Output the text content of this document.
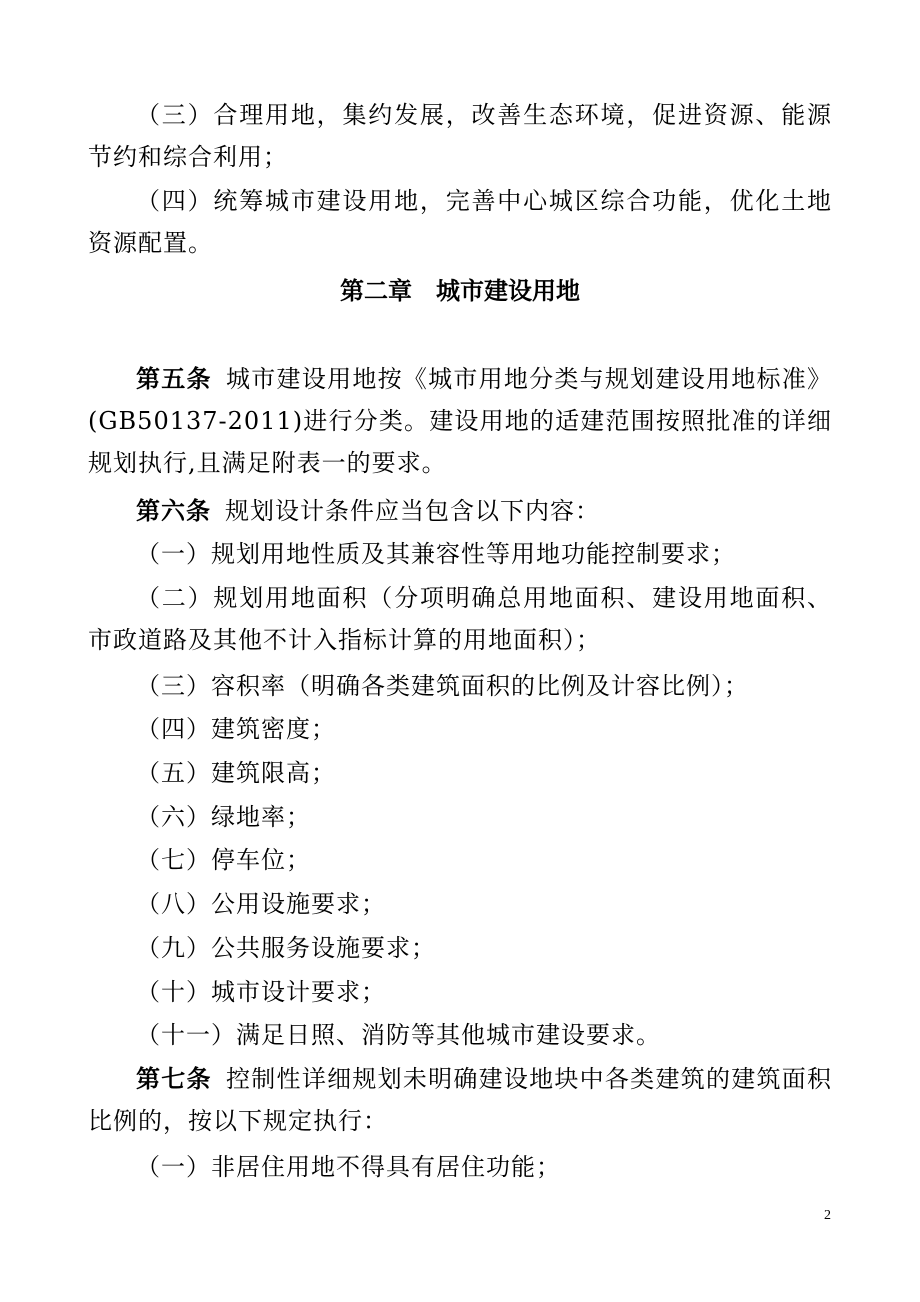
（三）合理用地，集约发展，改善生态环境，促进资源、能源节约和综合利用；

（四）统筹城市建设用地，完善中心城区综合功能，优化土地资源配置。

第二章 城市建设用地

第五条 城市建设用地按《城市用地分类与规划建设用地标准》(GB50137-2011)进行分类。建设用地的适建范围按照批准的详细规划执行,且满足附表一的要求。

第六条 规划设计条件应当包含以下内容：

（一）规划用地性质及其兼容性等用地功能控制要求；

（二）规划用地面积（分项明确总用地面积、建设用地面积、市政道路及其他不计入指标计算的用地面积）；

（三）容积率（明确各类建筑面积的比例及计容比例）；

（四）建筑密度；

（五）建筑限高；

（六）绿地率；

（七）停车位；

（八）公用设施要求；

（九）公共服务设施要求；

（十）城市设计要求；

（十一）满足日照、消防等其他城市建设要求。

第七条 控制性详细规划未明确建设地块中各类建筑的建筑面积比例的，按以下规定执行：

（一）非居住用地不得具有居住功能；

2
